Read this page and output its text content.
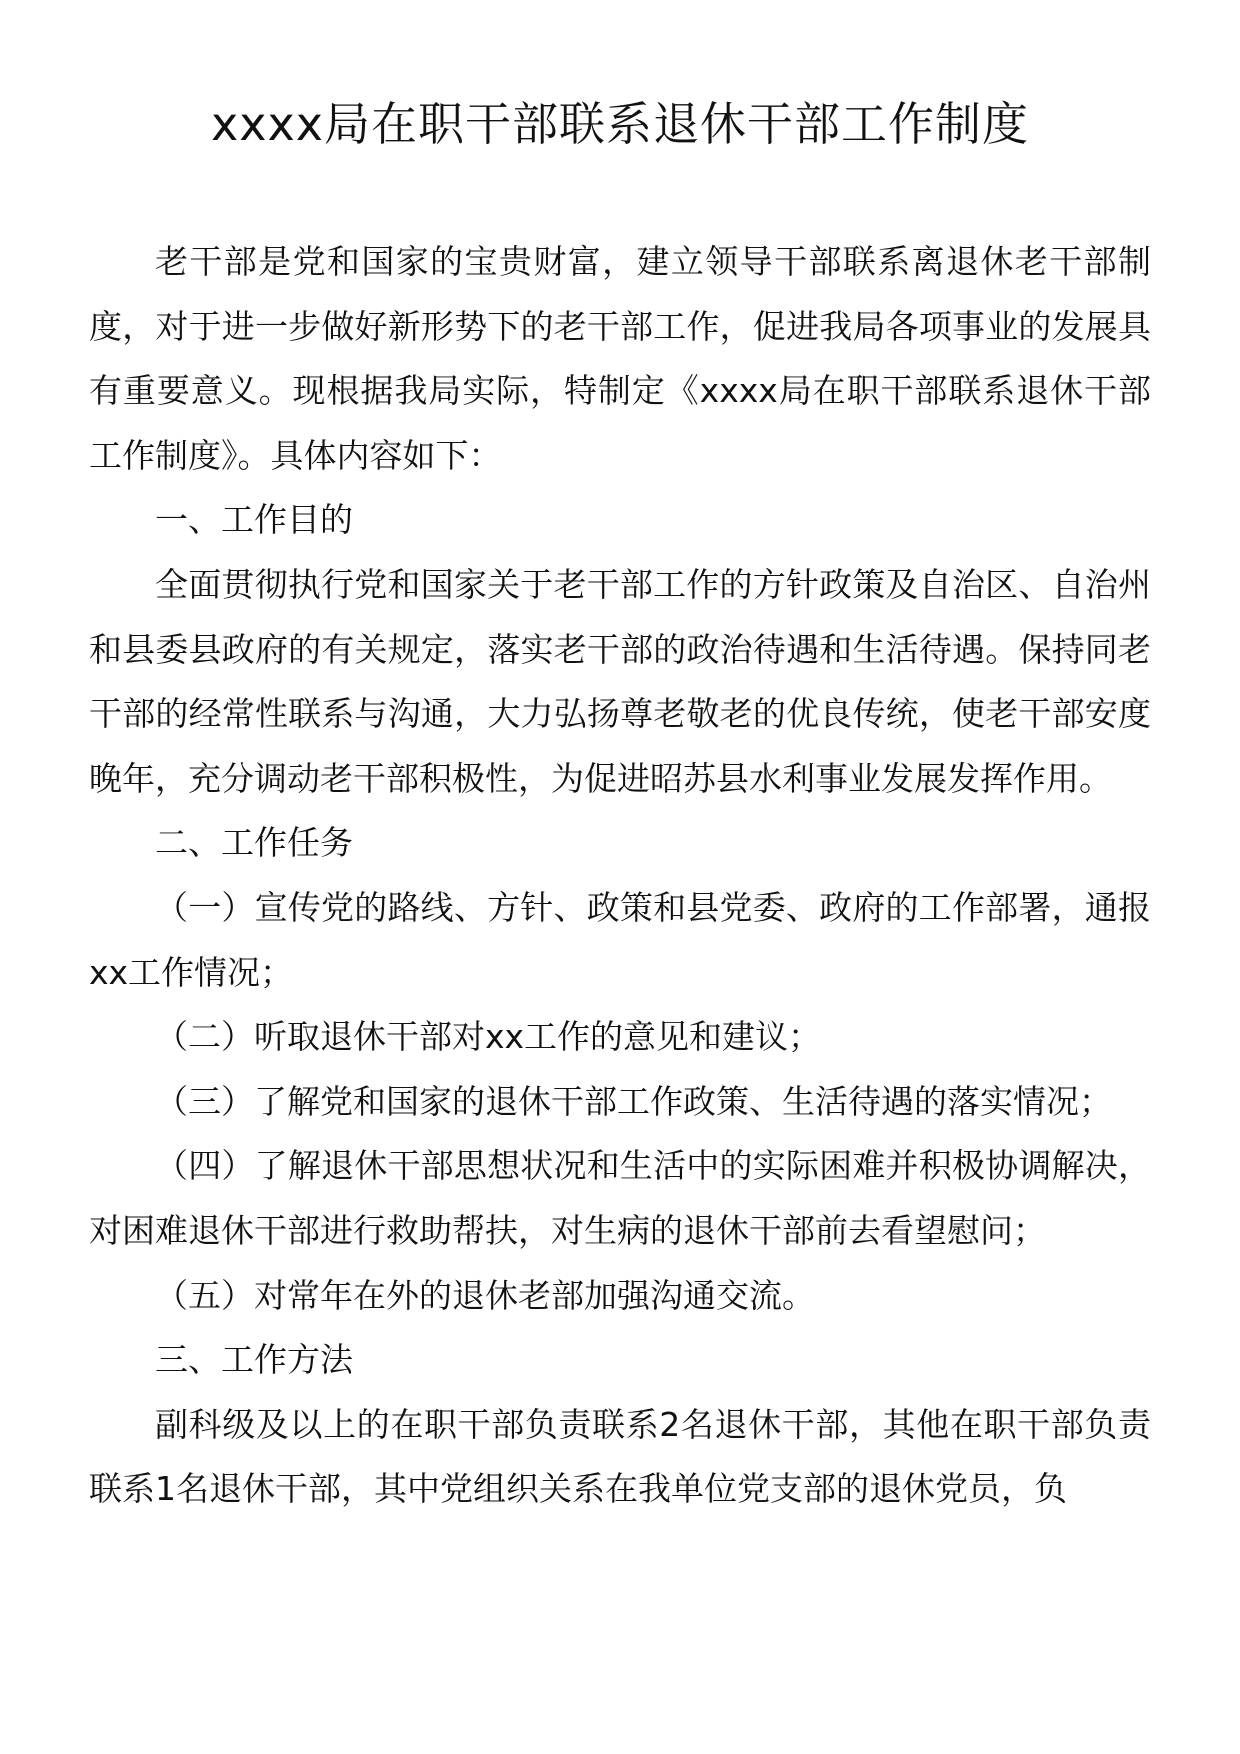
xxxx局在职干部联系退休干部工作制度

老干部是党和国家的宝贵财富，建立领导干部联系离退休老干部制度，对于进一步做好新形势下的老干部工作，促进我局各项事业的发展具有重要意义。现根据我局实际，特制定《xxxx局在职干部联系退休干部工作制度》。具体内容如下：

一、工作目的

全面贯彻执行党和国家关于老干部工作的方针政策及自治区、自治州和县委县政府的有关规定，落实老干部的政治待遇和生活待遇。保持同老干部的经常性联系与沟通，大力弘扬尊老敬老的优良传统，使老干部安度晚年，充分调动老干部积极性，为促进昭苏县水利事业发展发挥作用。

二、工作任务

（一）宣传党的路线、方针、政策和县党委、政府的工作部署，通报xx工作情况；

（二）听取退休干部对xx工作的意见和建议；

（三）了解党和国家的退休干部工作政策、生活待遇的落实情况；

（四）了解退休干部思想状况和生活中的实际困难并积极协调解决，对困难退休干部进行救助帮扶，对生病的退休干部前去看望慰问；

（五）对常年在外的退休老部加强沟通交流。

三、工作方法

副科级及以上的在职干部负责联系2名退休干部，其他在职干部负责联系1名退休干部，其中党组织关系在我单位党支部的退休党员，负
